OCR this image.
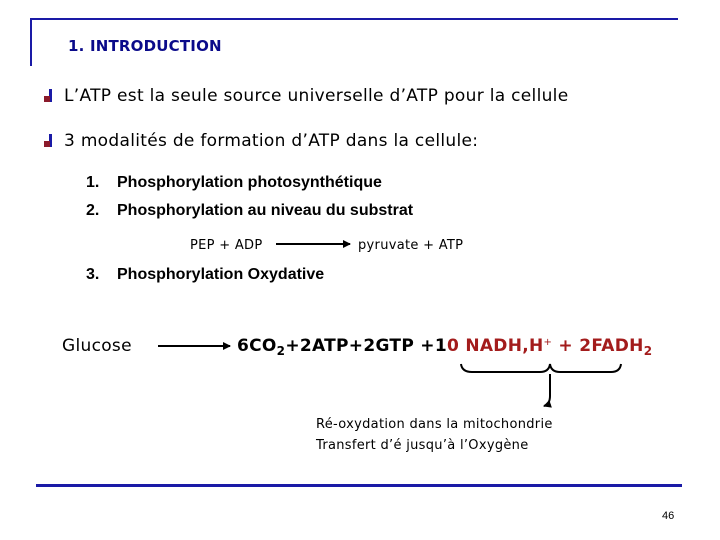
1. INTRODUCTION
L’ATP est la seule source universelle d’ATP pour la cellule
3 modalités de formation d’ATP dans la cellule:
1. Phosphorylation photosynthétique
2. Phosphorylation au niveau du substrat
PEP + ADP	pyruvate + ATP
3. Phosphorylation Oxydative
Glucose	$6CO_2+2ATP+2GTP +10$ NADH,H+ + $2FADH_2$
Ré-oxydation dans la mitochondrie
Transfert d’é jusqu’à l’Oxygène
46
